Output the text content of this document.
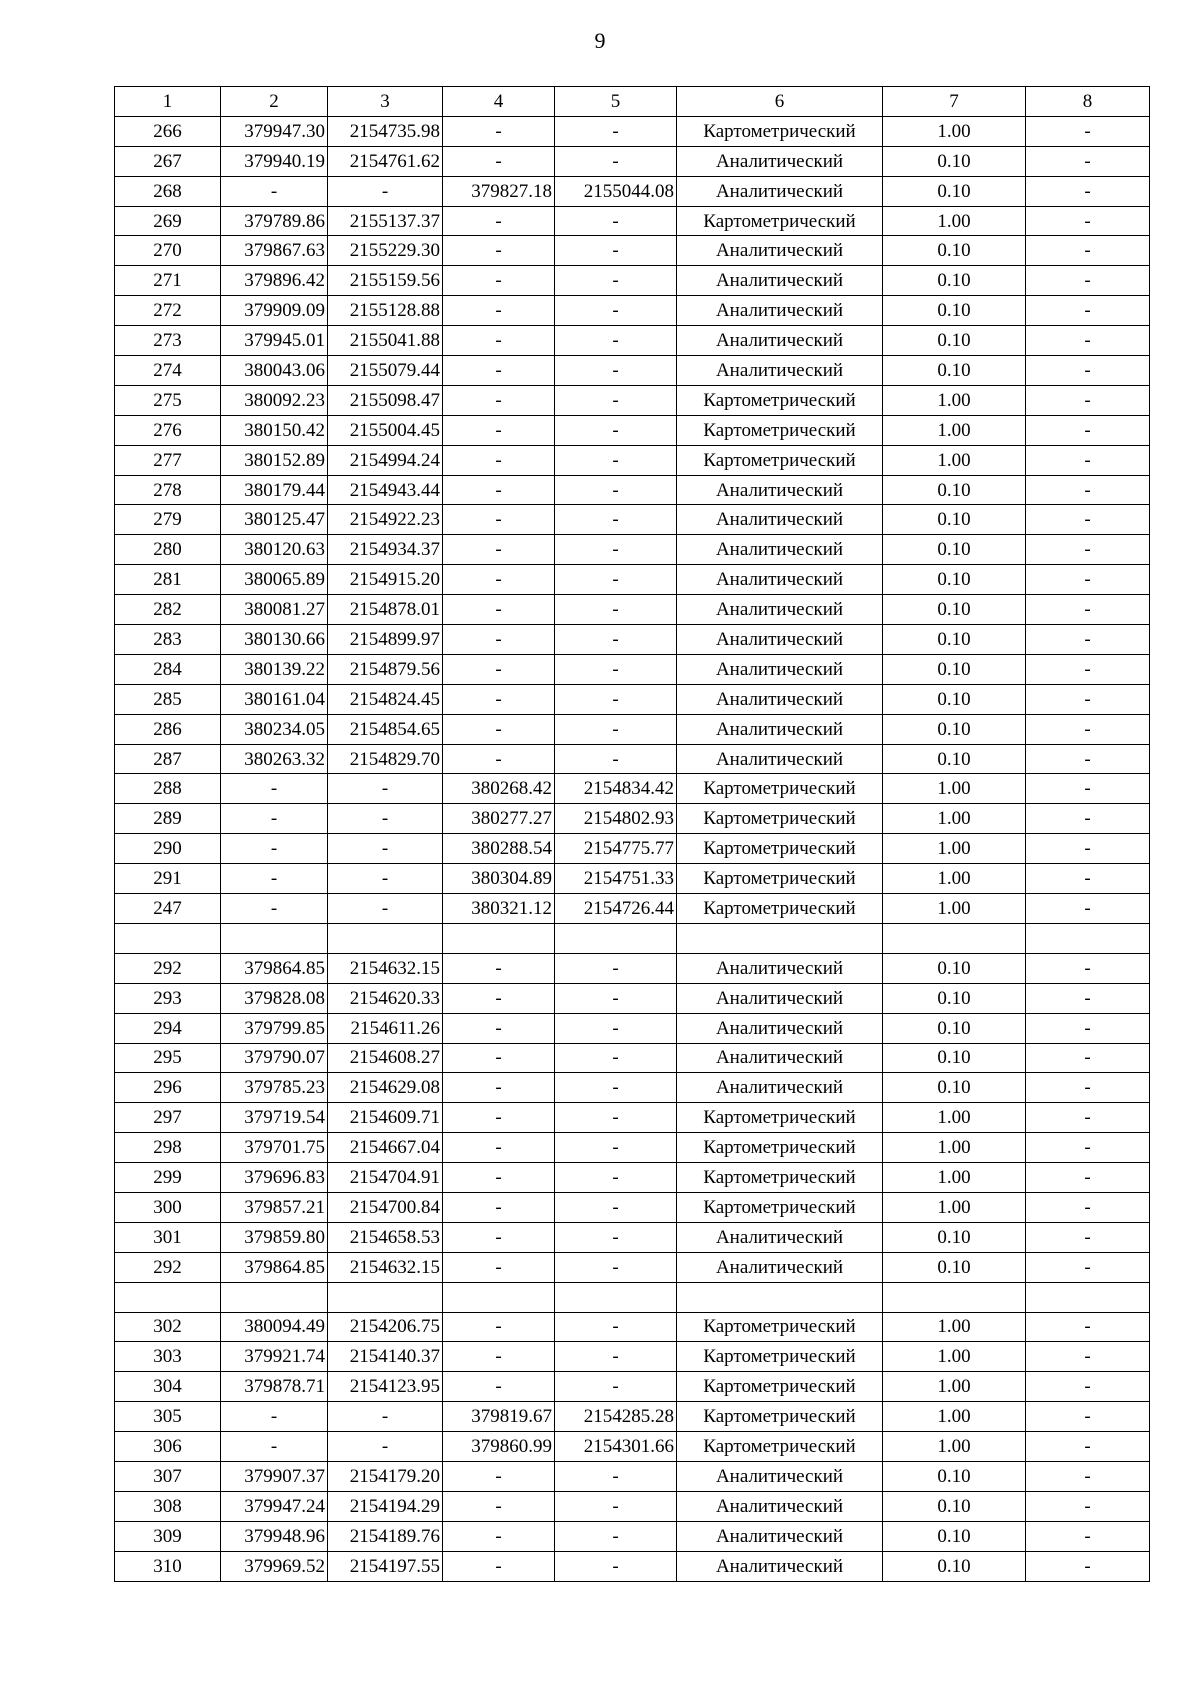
9
1	2	3	4	5	6	7	8
266	379947.30	2154735.98	-	-	Картометрический	1.00	-
267	379940.19	2154761.62	-	-	Аналитический	0.10	-
268	-	-	379827.18	2155044.08	Аналитический	0.10	-
269	379789.86	2155137.37	-	-	Картометрический	1.00	-
270	379867.63	2155229.30	-	-	Аналитический	0.10	-
271	379896.42	2155159.56	-	-	Аналитический	0.10	-
272	379909.09	2155128.88	-	-	Аналитический	0.10	-
273	379945.01	2155041.88	-	-	Аналитический	0.10	-
274	380043.06	2155079.44	-	-	Аналитический	0.10	-
275	380092.23	2155098.47	-	-	Картометрический	1.00	-
276	380150.42	2155004.45	-	-	Картометрический	1.00	-
277	380152.89	2154994.24	-	-	Картометрический	1.00	-
278	380179.44	2154943.44	-	-	Аналитический	0.10	-
279	380125.47	2154922.23	-	-	Аналитический	0.10	-
280	380120.63	2154934.37	-	-	Аналитический	0.10	-
281	380065.89	2154915.20	-	-	Аналитический	0.10	-
282	380081.27	2154878.01	-	-	Аналитический	0.10	-
283	380130.66	2154899.97	-	-	Аналитический	0.10	-
284	380139.22	2154879.56	-	-	Аналитический	0.10	-
285	380161.04	2154824.45	-	-	Аналитический	0.10	-
286	380234.05	2154854.65	-	-	Аналитический	0.10	-
287	380263.32	2154829.70	-	-	Аналитический	0.10	-
288	-	-	380268.42	2154834.42	Картометрический	1.00	-
289	-	-	380277.27	2154802.93	Картометрический	1.00	-
290	-	-	380288.54	2154775.77	Картометрический	1.00	-
291	-	-	380304.89	2154751.33	Картометрический	1.00	-
247	-	-	380321.12	2154726.44	Картометрический	1.00	-

292	379864.85	2154632.15	-	-	Аналитический	0.10	-
293	379828.08	2154620.33	-	-	Аналитический	0.10	-
294	379799.85	2154611.26	-	-	Аналитический	0.10	-
295	379790.07	2154608.27	-	-	Аналитический	0.10	-
296	379785.23	2154629.08	-	-	Аналитический	0.10	-
297	379719.54	2154609.71	-	-	Картометрический	1.00	-
298	379701.75	2154667.04	-	-	Картометрический	1.00	-
299	379696.83	2154704.91	-	-	Картометрический	1.00	-
300	379857.21	2154700.84	-	-	Картометрический	1.00	-
301	379859.80	2154658.53	-	-	Аналитический	0.10	-
292	379864.85	2154632.15	-	-	Аналитический	0.10	-

302	380094.49	2154206.75	-	-	Картометрический	1.00	-
303	379921.74	2154140.37	-	-	Картометрический	1.00	-
304	379878.71	2154123.95	-	-	Картометрический	1.00	-
305	-	-	379819.67	2154285.28	Картометрический	1.00	-
306	-	-	379860.99	2154301.66	Картометрический	1.00	-
307	379907.37	2154179.20	-	-	Аналитический	0.10	-
308	379947.24	2154194.29	-	-	Аналитический	0.10	-
309	379948.96	2154189.76	-	-	Аналитический	0.10	-
310	379969.52	2154197.55	-	-	Аналитический	0.10	-
